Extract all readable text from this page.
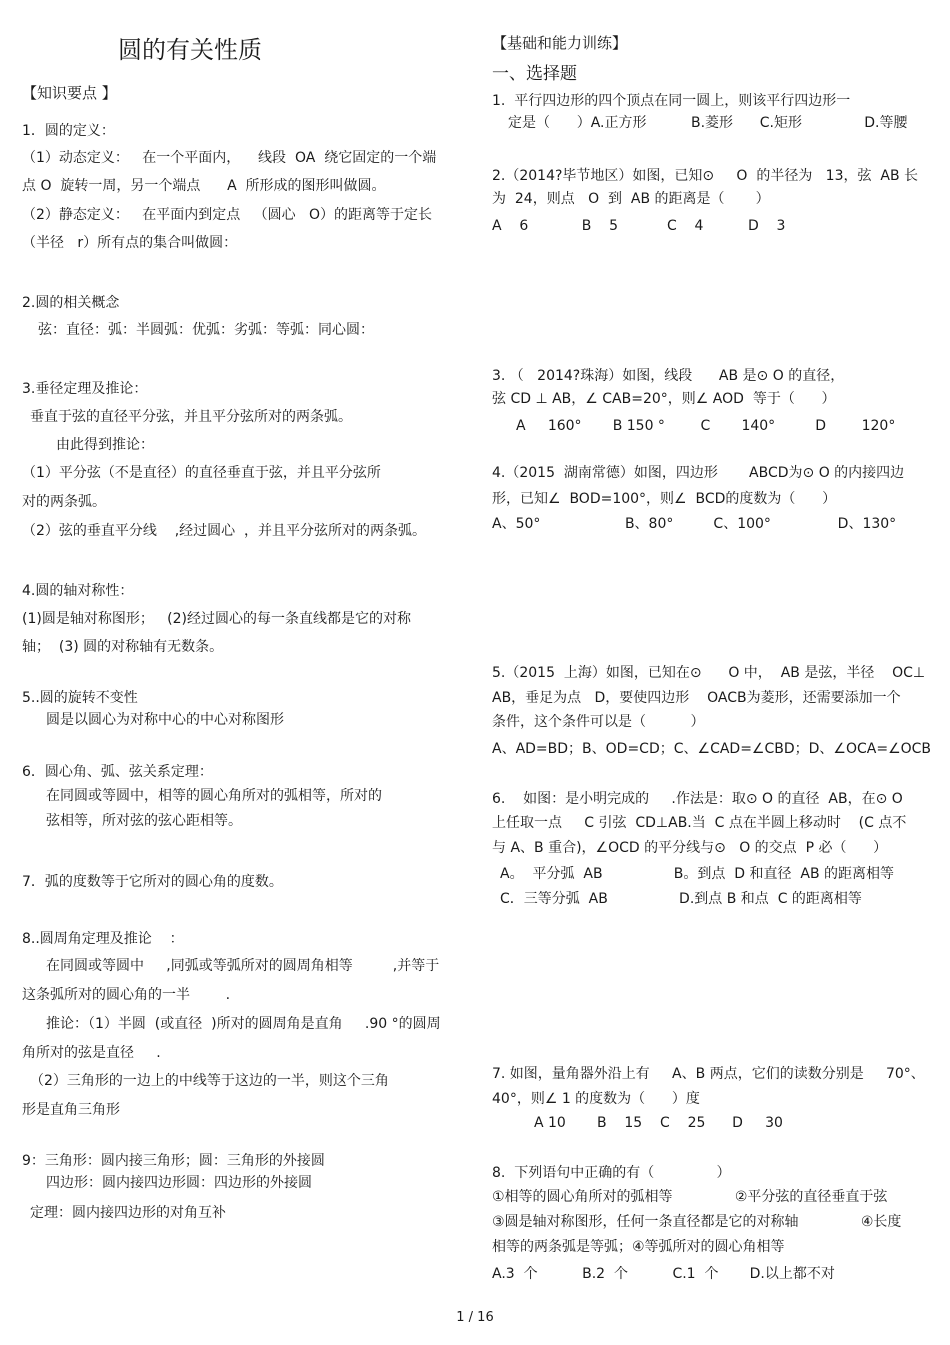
圆的有关性质
【知识要点 】
1．圆的定义：
（1）动态定义：   在一个平面内，    线段  OA  绕它固定的一个端
点 O  旋转一周，另一个端点      A  所形成的图形叫做圆。
（2）静态定义：   在平面内到定点   （圆心   O）的距离等于定长
（半径   r）所有点的集合叫做圆：
2.圆的相关概念
弦：直径：弧：半圆弧：优弧：劣弧：等弧：同心圆：
3.垂径定理及推论：
垂直于弦的直径平分弦，并且平分弦所对的两条弧。
由此得到推论：
（1）平分弦（不是直径）的直径垂直于弦，并且平分弦所
对的两条弧。
（2）弦的垂直平分线    ,经过圆心  ，并且平分弦所对的两条弧。
4.圆的轴对称性：
(1)圆是轴对称图形；   (2)经过圆心的每一条直线都是它的对称
轴；  (3) 圆的对称轴有无数条。
5..圆的旋转不变性
圆是以圆心为对称中心的中心对称图形
6．圆心角、弧、弦关系定理：
在同圆或等圆中，相等的圆心角所对的弧相等，所对的
弦相等，所对弦的弦心距相等。
7．弧的度数等于它所对的圆心角的度数。
8..圆周角定理及推论    ：
在同圆或等圆中     ,同弧或等弧所对的圆周角相等         ,并等于
这条弧所对的圆心角的一半        .
推论：（1）半圆  (或直径  )所对的圆周角是直角     .90 °的圆周
角所对的弦是直径     .
（2）三角形的一边上的中线等于这边的一半，则这个三角
形是直角三角形
9：三角形：圆内接三角形；圆：三角形的外接圆
四边形：圆内接四边形圆：四边形的外接圆
定理：圆内接四边形的对角互补
【基础和能力训练】
一、选择题
1.  平行四边形的四个顶点在同一圆上，则该平行四边形一
定是（      ）A.正方形          B.菱形      C.矩形              D.等腰
2.（2014?毕节地区）如图，已知⊙     O  的半径为   13，弦  AB 长
为  24，则点   O  到  AB 的距离是（       ）
A    6            B    5           C    4          D    3
3. （   2014?珠海）如图，线段      AB 是⊙ O 的直径，
弦 CD ⊥ AB，∠ CAB=20°，则∠ AOD  等于（      ）
A     160°       B 150 °        C       140°         D        120°
4.（2015  湖南常德）如图，四边形       ABCD为⊙ O 的内接四边
形，已知∠  BOD=100°，则∠  BCD的度数为（      ）
A、50°                   B、80°         C、100°               D、130°
5.（2015  上海）如图，已知在⊙      O 中，  AB 是弦，半径    OC⊥
AB，垂足为点   D，要使四边形    OACB为菱形，还需要添加一个
条件，这个条件可以是（          ）
A、AD=BD；B、OD=CD；C、∠CAD=∠CBD；D、∠OCA=∠OCB
6.    如图：是小明完成的     .作法是：取⊙ O 的直径  AB，在⊙ O
上任取一点     C 引弦  CD⊥AB.当  C 点在半圆上移动时    (C 点不
与 A、B 重合)，∠OCD 的平分线与⊙   O 的交点  P 必（      ）
A。  平分弧  AB                B。到点  D 和直径  AB 的距离相等
C．三等分弧  AB                D.到点 B 和点  C 的距离相等
7. 如图，量角器外沿上有     A、B 两点，它们的读数分别是     70°、
40°，则∠ 1 的度数为（      ）度
A 10       B    15    C    25      D     30
8.  下列语句中正确的有（              ）
①相等的圆心角所对的弧相等              ②平分弦的直径垂直于弦
③圆是轴对称图形，任何一条直径都是它的对称轴              ④长度
相等的两条弧是等弧；④等弧所对的圆心角相等
A.3  个          B.2  个          C.1  个       D.以上都不对
1 / 16
